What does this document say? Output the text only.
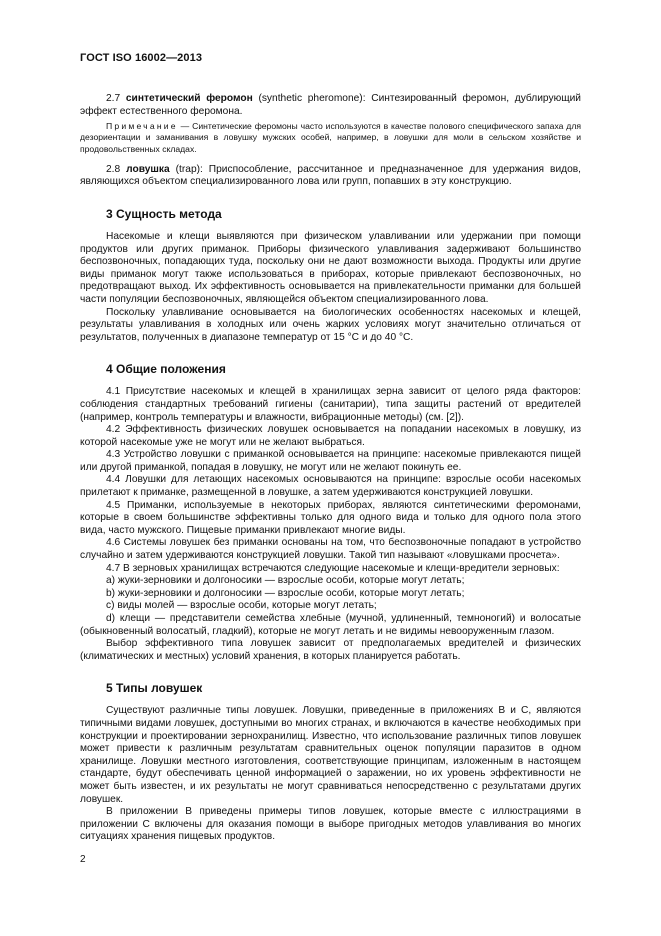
ГОСТ ISO 16002—2013

2.7 синтетический феромон (synthetic pheromone): Синтезированный феромон, дублирующий эффект естественного феромона.

Примечание — Синтетические феромоны часто используются в качестве полового специфического запаха для дезориентации и заманивания в ловушку мужских особей, например, в ловушки для моли в сельском хозяйстве и продовольственных складах.

2.8 ловушка (trap): Приспособление, рассчитанное и предназначенное для удержания видов, являющихся объектом специализированного лова или групп, попавших в эту конструкцию.

3 Сущность метода

Насекомые и клещи выявляются при физическом улавливании или удержании при помощи продуктов или других приманок. Приборы физического улавливания задерживают большинство беспозвоночных, попадающих туда, поскольку они не дают возможности выхода. Продукты или другие виды приманок могут также использоваться в приборах, которые привлекают беспозвоночных, но предотвращают выход. Их эффективность основывается на привлекательности приманки для большей части популяции беспозвоночных, являющейся объектом специализированного лова.

Поскольку улавливание основывается на биологических особенностях насекомых и клещей, результаты улавливания в холодных или очень жарких условиях могут значительно отличаться от результатов, полученных в диапазоне температур от 15 °С и до 40 °С.

4 Общие положения

4.1 Присутствие насекомых и клещей в хранилищах зерна зависит от целого ряда факторов: соблюдения стандартных требований гигиены (санитарии), типа защиты растений от вредителей (например, контроль температуры и влажности, вибрационные методы) (см. [2]).

4.2 Эффективность физических ловушек основывается на попадании насекомых в ловушку, из которой насекомые уже не могут или не желают выбраться.

4.3 Устройство ловушки с приманкой основывается на принципе: насекомые привлекаются пищей или другой приманкой, попадая в ловушку, не могут или не желают покинуть ее.

4.4 Ловушки для летающих насекомых основываются на принципе: взрослые особи насекомых прилетают к приманке, размещенной в ловушке, а затем удерживаются конструкцией ловушки.

4.5 Приманки, используемые в некоторых приборах, являются синтетическими феромонами, которые в своем большинстве эффективны только для одного вида и только для одного пола этого вида, часто мужского. Пищевые приманки привлекают многие виды.

4.6 Системы ловушек без приманки основаны на том, что беспозвоночные попадают в устройство случайно и затем удерживаются конструкцией ловушки. Такой тип называют «ловушками просчета».

4.7 В зерновых хранилищах встречаются следующие насекомые и клещи-вредители зерновых:

a) жуки-зерновики и долгоносики — взрослые особи, которые могут летать;

b) жуки-зерновики и долгоносики — взрослые особи, которые могут летать;

c) виды молей — взрослые особи, которые могут летать;

d) клещи — представители семейства хлебные (мучной, удлиненный, темноногий) и волосатые (обыкновенный волосатый, гладкий), которые не могут летать и не видимы невооруженным глазом.

Выбор эффективного типа ловушек зависит от предполагаемых вредителей и физических (климатических и местных) условий хранения, в которых планируется работать.

5 Типы ловушек

Существуют различные типы ловушек. Ловушки, приведенные в приложениях В и С, являются типичными видами ловушек, доступными во многих странах, и включаются в качестве необходимых при конструкции и проектировании зернохранилищ. Известно, что использование различных типов ловушек может привести к различным результатам сравнительных оценок популяции паразитов в одном хранилище. Ловушки местного изготовления, соответствующие принципам, изложенным в настоящем стандарте, будут обеспечивать ценной информацией о заражении, но их уровень эффективности не может быть известен, и их результаты не могут сравниваться непосредственно с результатами других ловушек.

В приложении В приведены примеры типов ловушек, которые вместе с иллюстрациями в приложении С включены для оказания помощи в выборе пригодных методов улавливания во многих ситуациях хранения пищевых продуктов.

2
